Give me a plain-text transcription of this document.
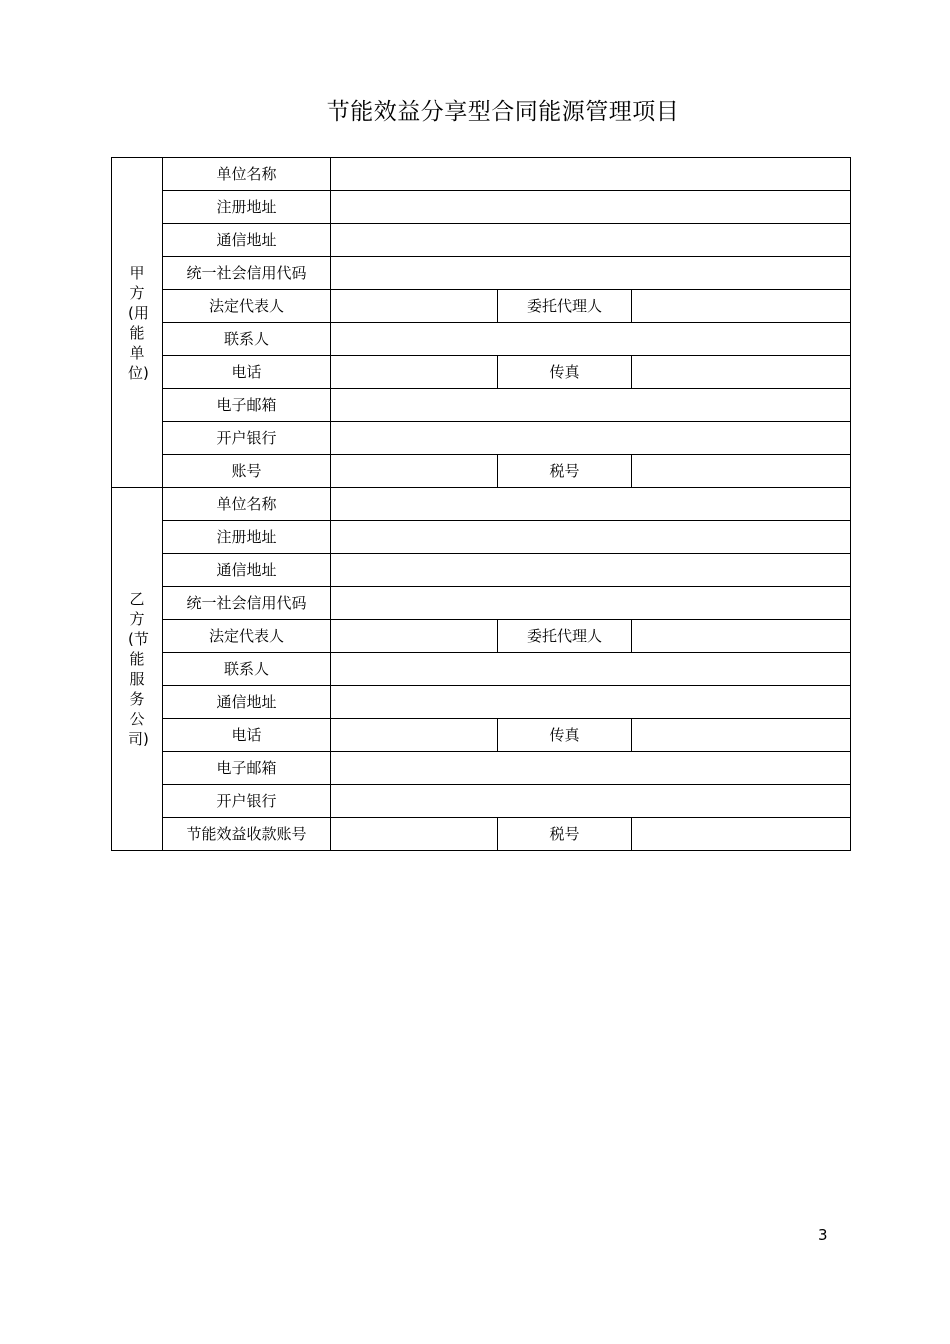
节能效益分享型合同能源管理项目
甲方(用能单位)	单位名称			
	注册地址			
	通信地址			
	统一社会信用代码			
	法定代表人		委托代理人	
	联系人			
	电话		传真	
	电子邮箱			
	开户银行			
	账号		税号	
乙方(节能服务公司)	单位名称			
	注册地址			
	通信地址			
	统一社会信用代码			
	法定代表人		委托代理人	
	联系人			
	通信地址			
	电话		传真	
	电子邮箱			
	开户银行			
	节能效益收款账号		税号	
3
